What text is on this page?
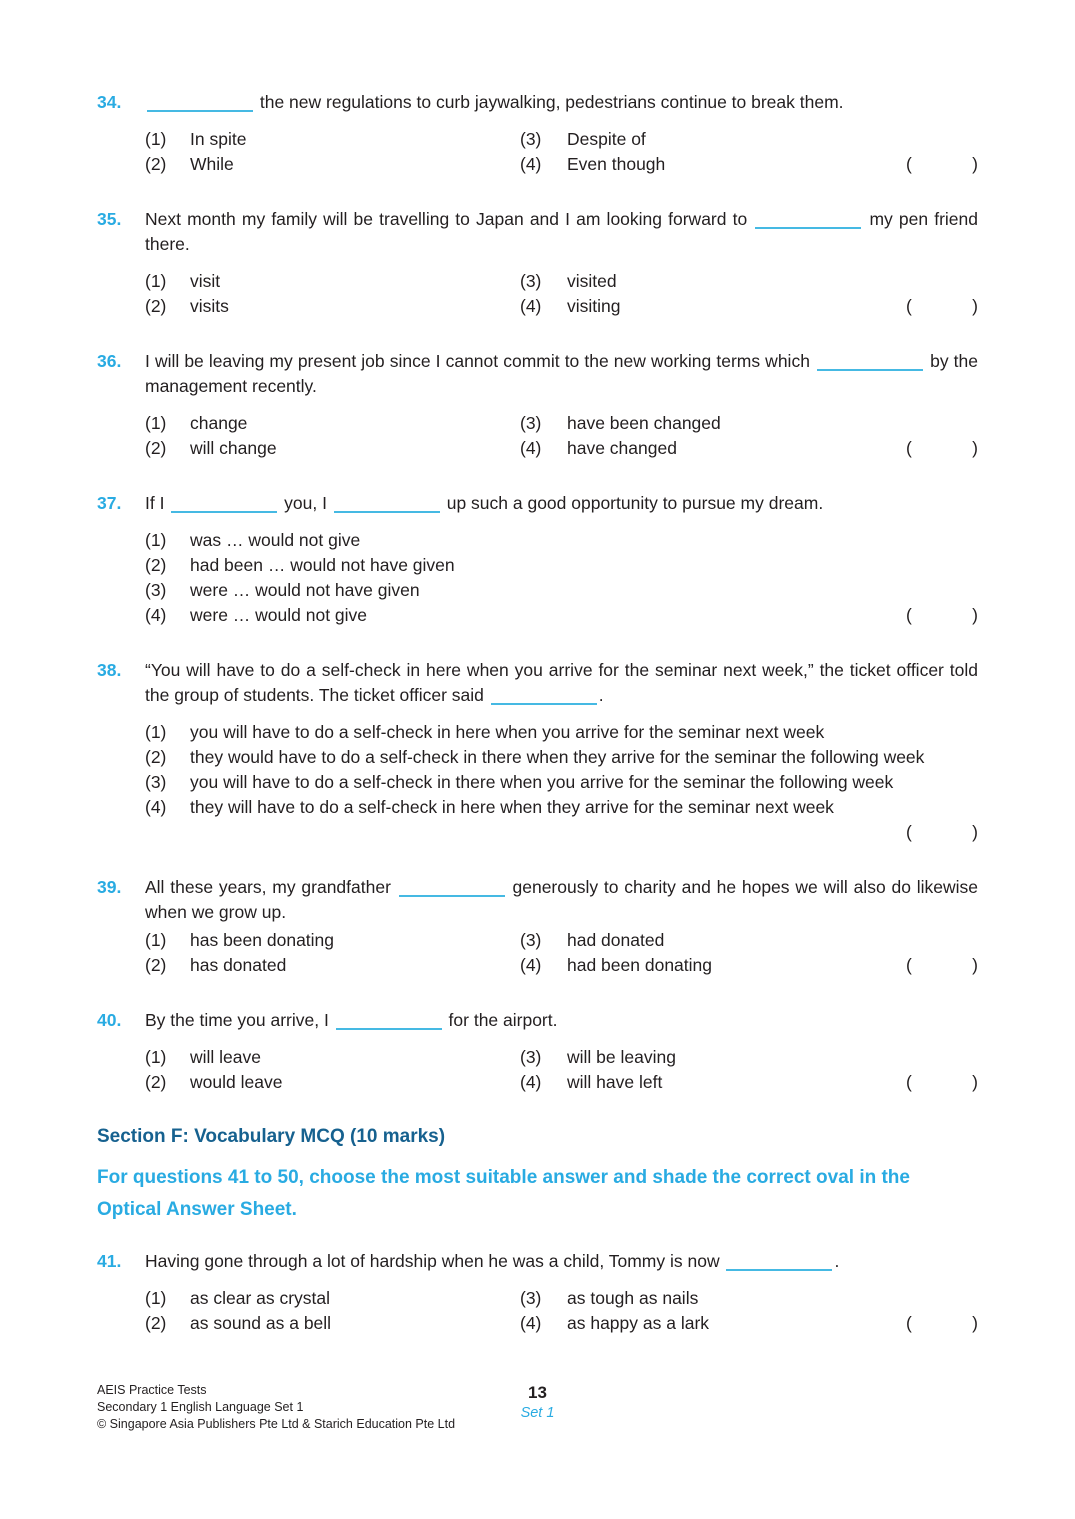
34.	the new regulations to curb jaywalking, pedestrians continue to break them.

(1)	In spite	(3)	Despite of
(2)	While	(4)	Even though	(	)
35.	Next month my family will be travelling to Japan and I am looking forward to	my pen friend there.

(1)	visit	(3)	visited
(2)	visits	(4)	visiting	(	)
36.	I will be leaving my present job since I cannot commit to the new working terms which	by the management recently.

(1)	change	(3)	have been changed
(2)	will change	(4)	have changed	(	)
37.	If I	you, I	up such a good opportunity to pursue my dream.

(1)	was … would not give
(2)	had been … would not have given
(3)	were … would not have given
(4)	were … would not give	(	)
38.	“You will have to do a self-check in here when you arrive for the seminar next week,” the ticket officer told the group of students. The ticket officer said	.

(1)	you will have to do a self-check in here when you arrive for the seminar next week
(2)	they would have to do a self-check in there when they arrive for the seminar the following week
(3)	you will have to do a self-check in there when you arrive for the seminar the following week
(4)	they will have to do a self-check in here when they arrive for the seminar next week
(	)
39.	All these years, my grandfather	generously to charity and he hopes we will also do likewise when we grow up.

(1)	has been donating	(3)	had donated
(2)	has donated	(4)	had been donating	(	)
40.	By the time you arrive, I	for the airport.

(1)	will leave	(3)	will be leaving
(2)	would leave	(4)	will have left	(	)
Section F: Vocabulary MCQ (10 marks)

For questions 41 to 50, choose the most suitable answer and shade the correct oval in the Optical Answer Sheet.

41.	Having gone through a lot of hardship when he was a child, Tommy is now	.

(1)	as clear as crystal	(3)	as tough as nails
(2)	as sound as a bell	(4)	as happy as a lark	(	)
AEIS Practice Tests
Secondary 1 English Language Set 1
© Singapore Asia Publishers Pte Ltd & Starich Education Pte Ltd
13
Set 1
